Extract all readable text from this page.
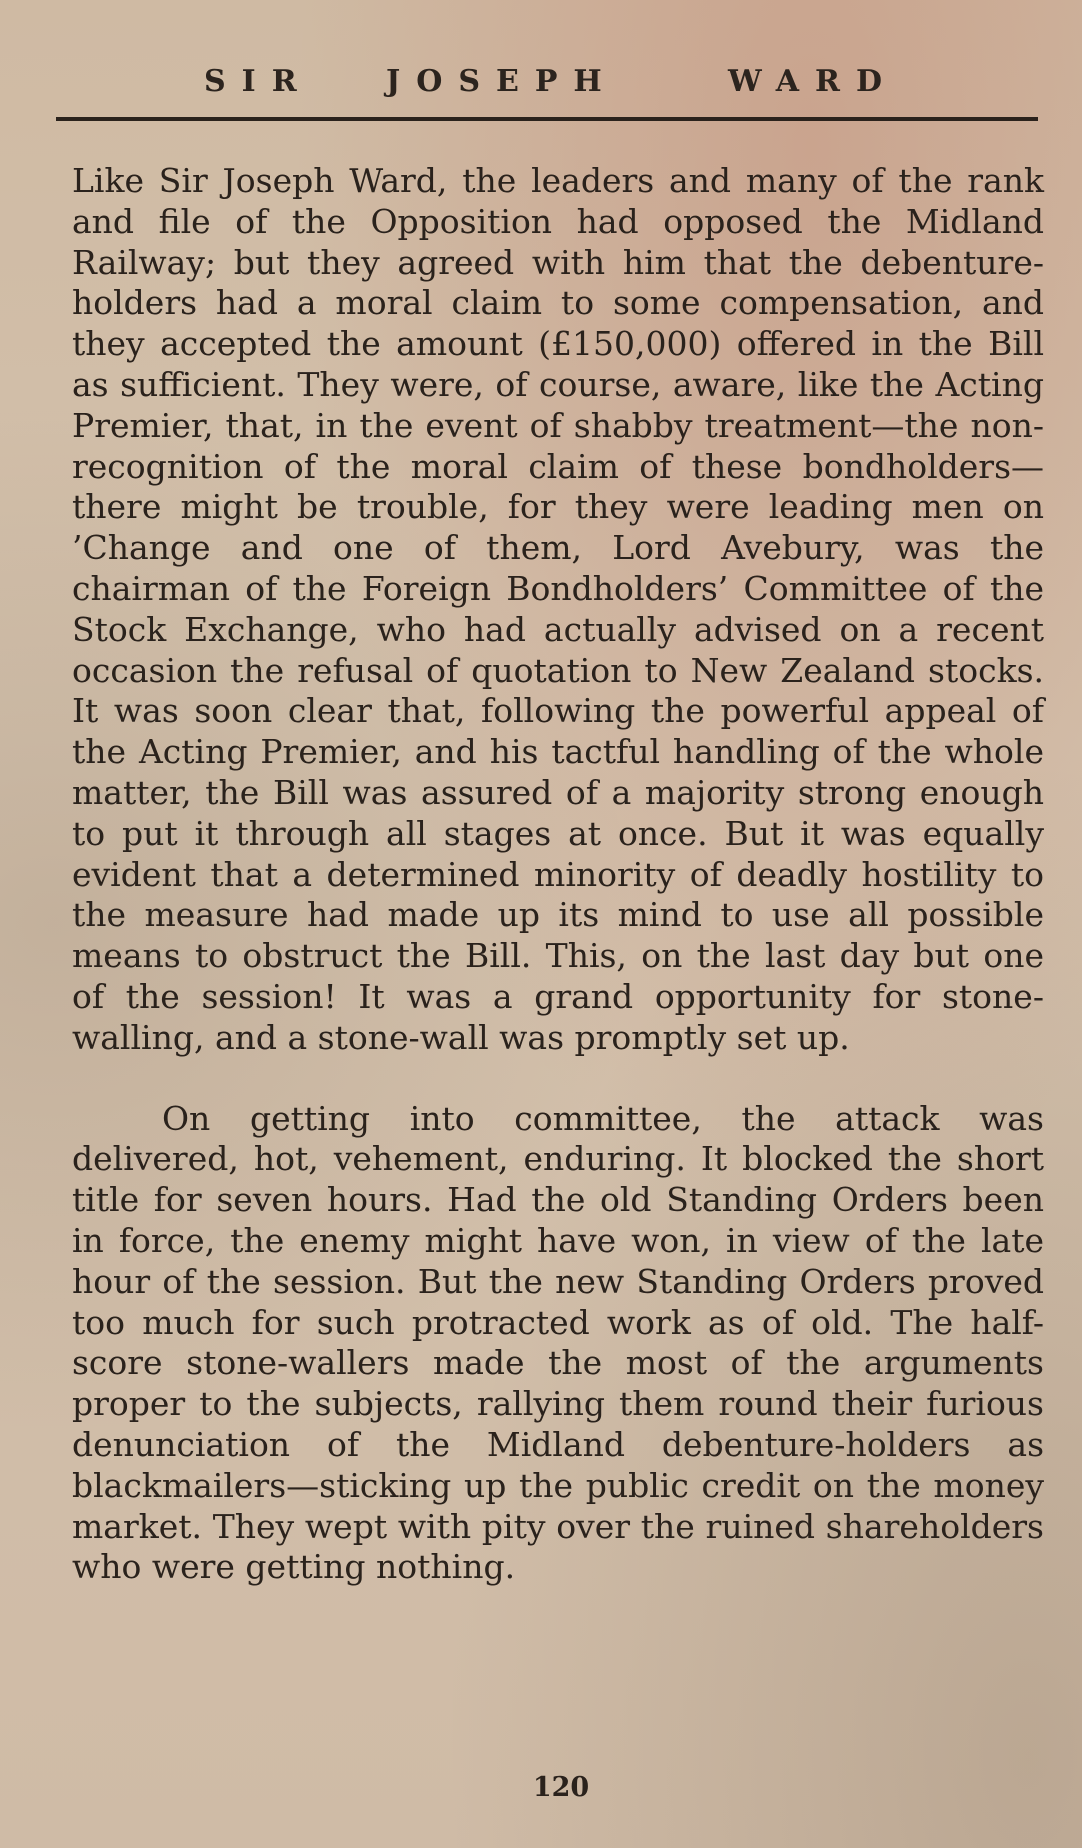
SIR JOSEPH	WARD

Like Sir Joseph Ward, the leaders and many of the rank and file of the Opposition had opposed the Midland Railway; but they agreed with him that the debenture-holders had a moral claim to some compensation, and they accepted the amount (£150,000) offered in the Bill as sufficient. They were, of course, aware, like the Acting Premier, that, in the event of shabby treatment—the non-recognition of the moral claim of these bondholders—there might be trouble, for they were leading men on ’Change and one of them, Lord Avebury, was the chairman of the Foreign Bondholders’ Committee of the Stock Exchange, who had actually advised on a recent occasion the refusal of quotation to New Zealand stocks. It was soon clear that, following the powerful appeal of the Acting Premier, and his tactful handling of the whole matter, the Bill was assured of a majority strong enough to put it through all stages at once. But it was equally evident that a determined minority of deadly hostility to the measure had made up its mind to use all possible means to obstruct the Bill. This, on the last day but one of the session! It was a grand opportunity for stone-walling, and a stone-wall was promptly set up.

On getting into committee, the attack was delivered, hot, vehement, enduring. It blocked the short title for seven hours. Had the old Standing Orders been in force, the enemy might have won, in view of the late hour of the session. But the new Standing Orders proved too much for such protracted work as of old. The half-score stone-wallers made the most of the arguments proper to the subjects, rallying them round their furious denunciation of the Midland debenture-holders as blackmailers—sticking up the public credit on the money market. They wept with pity over the ruined shareholders who were getting nothing.

120
